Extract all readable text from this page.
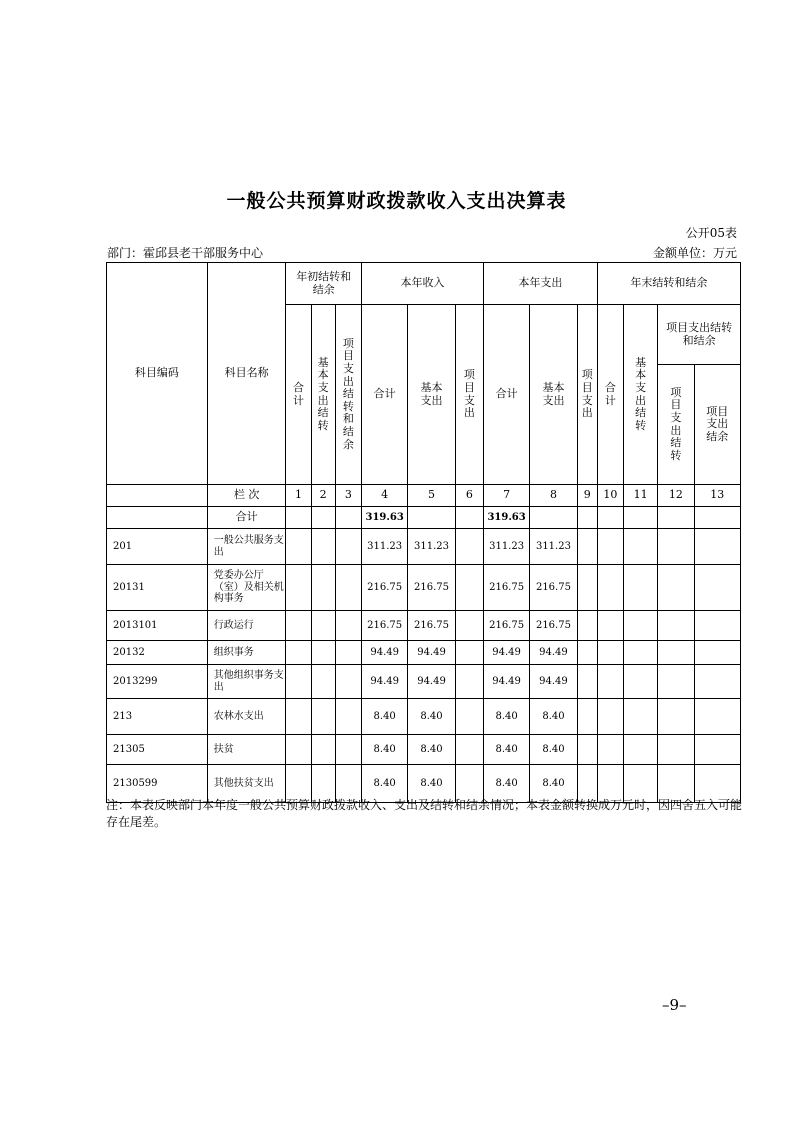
一般公共预算财政拨款收入支出决算表
公开05表
部门：霍邱县老干部服务中心	金额单位：万元
科目编码	科目名称	年初结转和结余			本年收入			本年支出			年末结转和结余			

		合计	基本支出结转	项目支出结转和结余	合计	基本支出	项目支出	合计	基本支出	项目支出	合计	基本支出结转	项目支出结转和结余	

													项目支出结转	项目支出结余

	栏 次	1	2	3	4	5	6	7	8	9	10	11	12	13
	合计				319.63			319.63						
201	一般公共服务支出				311.23	311.23		311.23	311.23					
20131	党委办公厅（室）及相关机构事务				216.75	216.75		216.75	216.75					
2013101	行政运行				216.75	216.75		216.75	216.75					
20132	组织事务				94.49	94.49		94.49	94.49					
2013299	其他组织事务支出				94.49	94.49		94.49	94.49					
213	农林水支出				8.40	8.40		8.40	8.40					
21305	扶贫				8.40	8.40		8.40	8.40					
2130599	其他扶贫支出				8.40	8.40		8.40	8.40					
注：本表反映部门本年度一般公共预算财政拨款收入、支出及结转和结余情况；本表金额转换成万元时，因四舍五入可能存在尾差。
–9–
